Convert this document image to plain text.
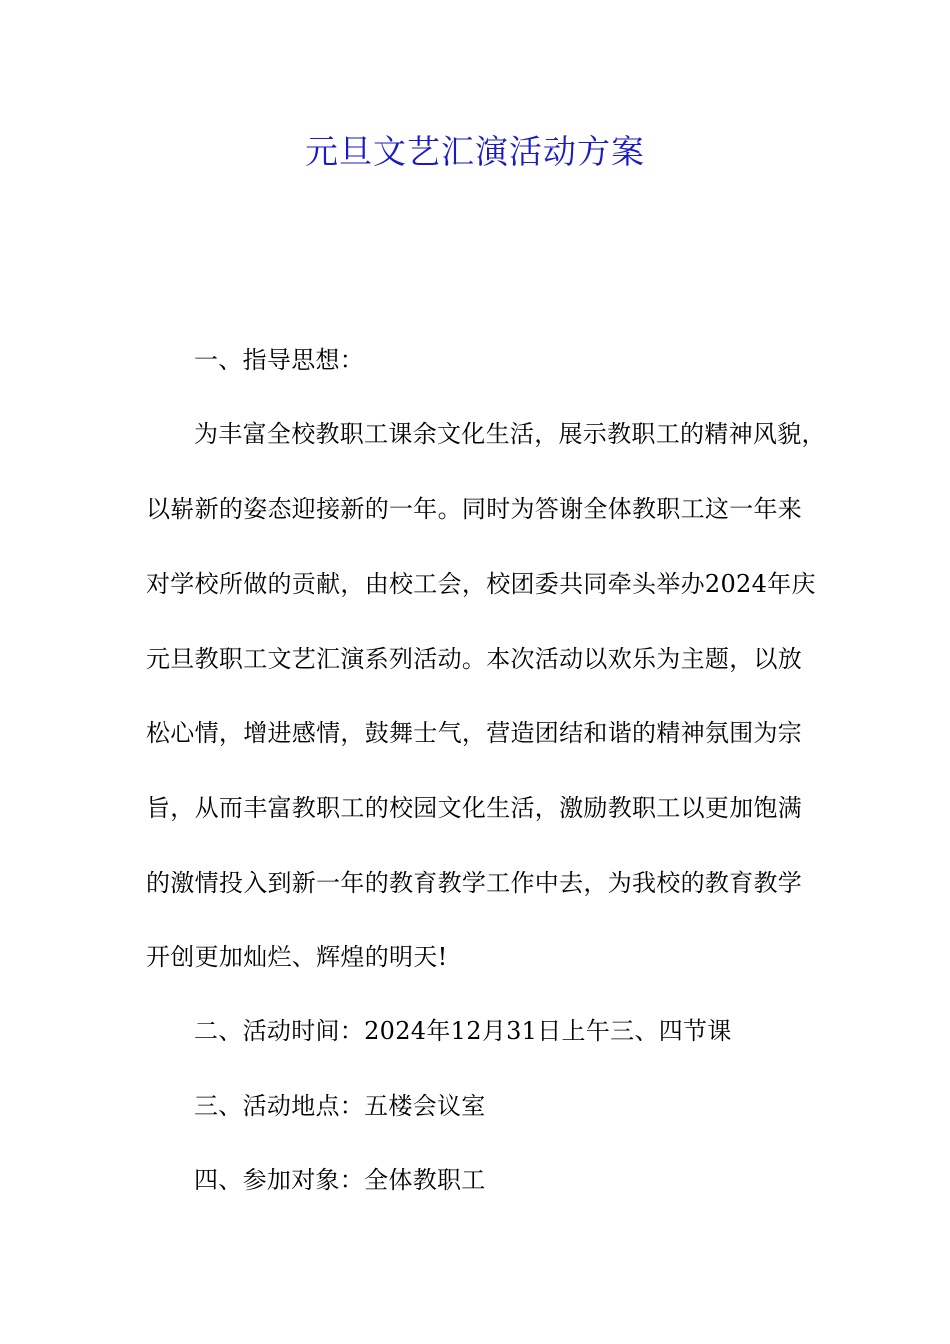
元旦文艺汇演活动方案
一、指导思想：
为丰富全校教职工课余文化生活，展示教职工的精神风貌，
以崭新的姿态迎接新的一年。同时为答谢全体教职工这一年来
对学校所做的贡献，由校工会，校团委共同牵头举办2024年庆
元旦教职工文艺汇演系列活动。本次活动以欢乐为主题，以放
松心情，增进感情，鼓舞士气，营造团结和谐的精神氛围为宗
旨，从而丰富教职工的校园文化生活，激励教职工以更加饱满
的激情投入到新一年的教育教学工作中去，为我校的教育教学
开创更加灿烂、辉煌的明天!
二、活动时间：2024年12月31日上午三、四节课
三、活动地点：五楼会议室
四、参加对象：全体教职工
